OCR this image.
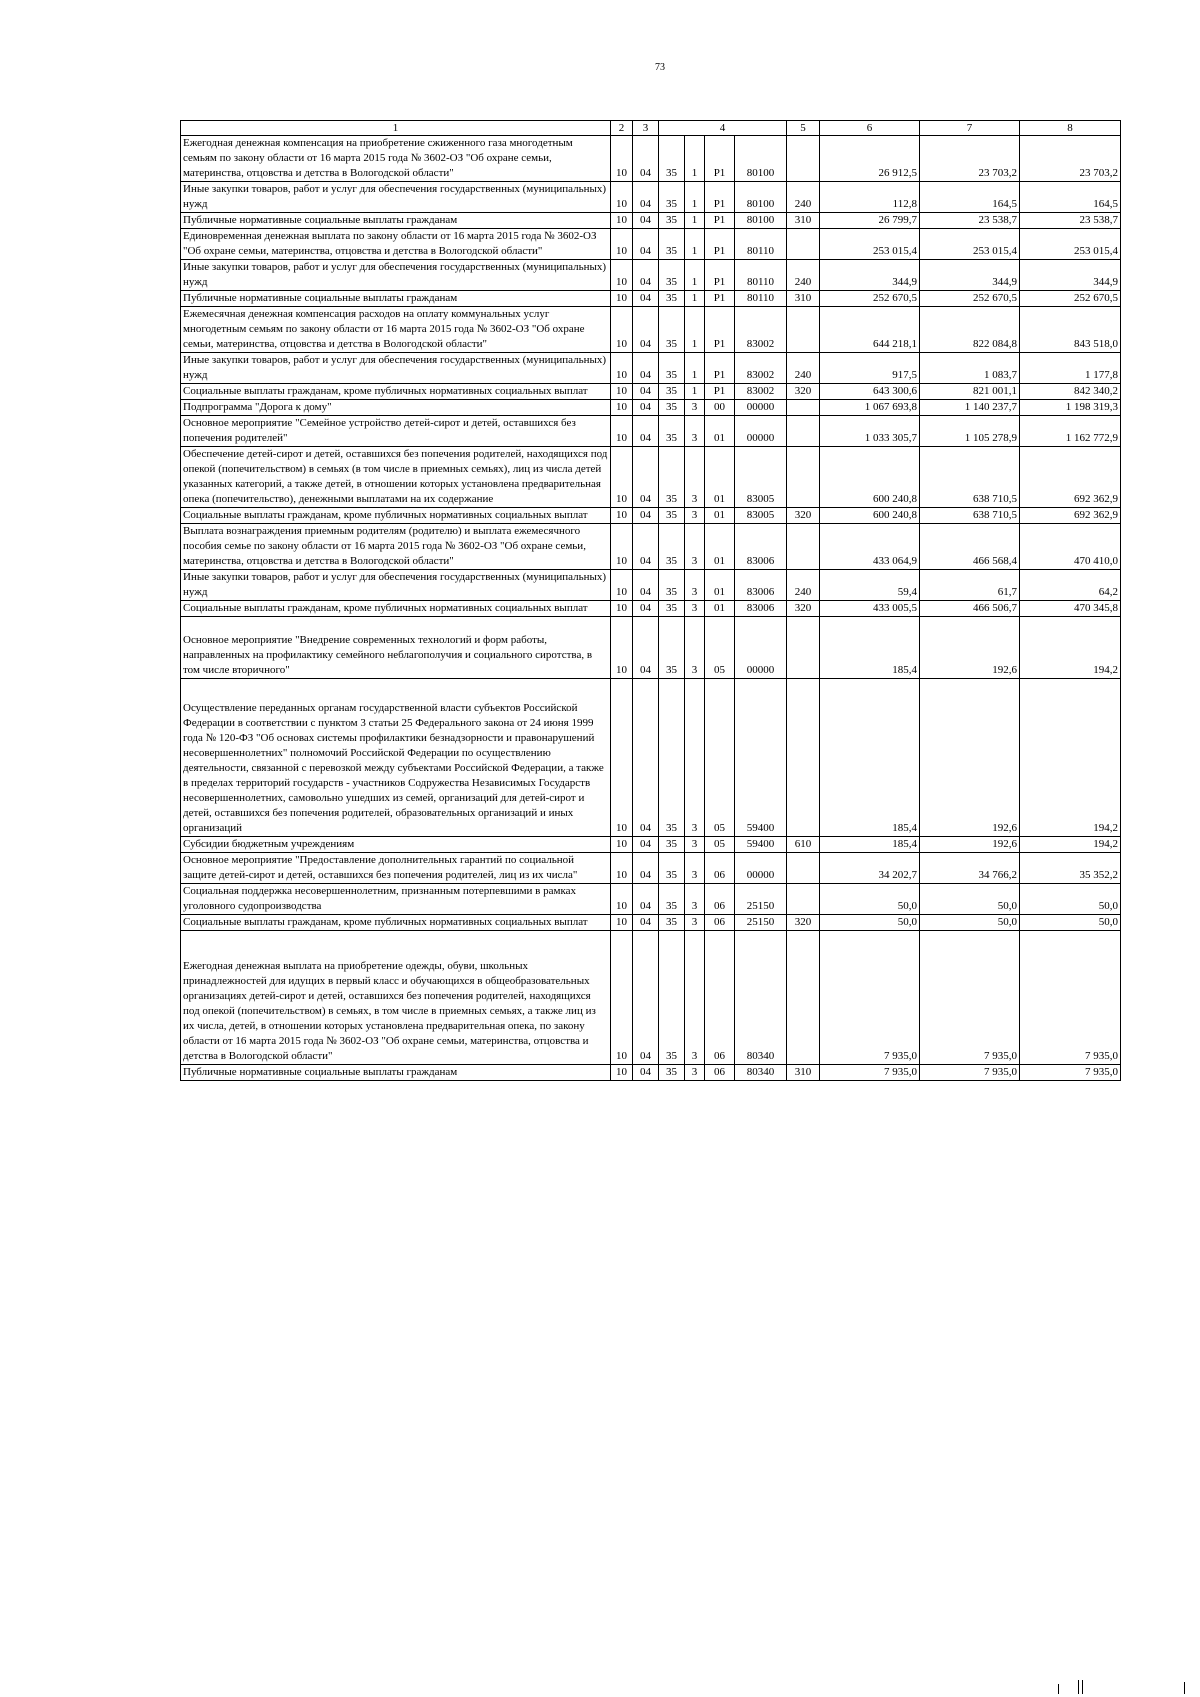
73
1	2	3	4				5	6	7	8
Ежегодная денежная компенсация на приобретение сжиженного газа многодетным семьям по закону области от 16 марта 2015 года № 3602-ОЗ "Об охране семьи, материнства, отцовства и детства в Вологодской области"	10	04	35	1	Р1	80100		26 912,5	23 703,2	23 703,2
Иные закупки товаров, работ и услуг для обеспечения государственных (муниципальных) нужд	10	04	35	1	Р1	80100	240	112,8	164,5	164,5
Публичные нормативные социальные выплаты гражданам	10	04	35	1	Р1	80100	310	26 799,7	23 538,7	23 538,7
Единовременная денежная выплата по закону области от 16 марта 2015 года № 3602-ОЗ "Об охране семьи, материнства, отцовства и детства в Вологодской области"	10	04	35	1	Р1	80110		253 015,4	253 015,4	253 015,4
Иные закупки товаров, работ и услуг для обеспечения государственных (муниципальных) нужд	10	04	35	1	Р1	80110	240	344,9	344,9	344,9
Публичные нормативные социальные выплаты гражданам	10	04	35	1	Р1	80110	310	252 670,5	252 670,5	252 670,5
Ежемесячная денежная компенсация расходов на оплату коммунальных услуг многодетным семьям по закону области от 16 марта 2015 года № 3602-ОЗ "Об охране семьи, материнства, отцовства и детства в Вологодской области"	10	04	35	1	Р1	83002		644 218,1	822 084,8	843 518,0
Иные закупки товаров, работ и услуг для обеспечения государственных (муниципальных) нужд	10	04	35	1	Р1	83002	240	917,5	1 083,7	1 177,8
Социальные выплаты гражданам, кроме публичных нормативных социальных выплат	10	04	35	1	Р1	83002	320	643 300,6	821 001,1	842 340,2
Подпрограмма "Дорога к дому"	10	04	35	3	00	00000		1 067 693,8	1 140 237,7	1 198 319,3
Основное мероприятие "Семейное устройство детей-сирот и детей, оставшихся без попечения родителей"	10	04	35	3	01	00000		1 033 305,7	1 105 278,9	1 162 772,9
Обеспечение детей-сирот и детей, оставшихся без попечения родителей, находящихся под опекой (попечительством) в семьях (в том числе в приемных семьях), лиц из числа детей указанных категорий, а также детей, в отношении которых установлена предварительная опека (попечительство), денежными выплатами на их содержание	10	04	35	3	01	83005		600 240,8	638 710,5	692 362,9
Социальные выплаты гражданам, кроме публичных нормативных социальных выплат	10	04	35	3	01	83005	320	600 240,8	638 710,5	692 362,9
Выплата вознаграждения приемным родителям (родителю) и выплата ежемесячного пособия семье по закону области от 16 марта 2015 года № 3602-ОЗ "Об охране семьи, материнства, отцовства и детства в Вологодской области"	10	04	35	3	01	83006		433 064,9	466 568,4	470 410,0
Иные закупки товаров, работ и услуг для обеспечения государственных (муниципальных) нужд	10	04	35	3	01	83006	240	59,4	61,7	64,2
Социальные выплаты гражданам, кроме публичных нормативных социальных выплат	10	04	35	3	01	83006	320	433 005,5	466 506,7	470 345,8
Основное мероприятие "Внедрение современных технологий и форм работы, направленных на профилактику семейного неблагополучия и социального сиротства, в том числе вторичного"	10	04	35	3	05	00000		185,4	192,6	194,2
Осуществление переданных органам государственной власти субъектов Российской Федерации в соответствии с пунктом 3 статьи 25 Федерального закона от 24 июня 1999 года № 120-ФЗ "Об основах системы профилактики безнадзорности и правонарушений несовершеннолетних" полномочий Российской Федерации по осуществлению деятельности, связанной с перевозкой между субъектами Российской Федерации, а также в пределах территорий государств - участников Содружества Независимых Государств несовершеннолетних, самовольно ушедших из семей, организаций для детей-сирот и детей, оставшихся без попечения родителей, образовательных организаций и иных организаций	10	04	35	3	05	59400		185,4	192,6	194,2
Субсидии бюджетным учреждениям	10	04	35	3	05	59400	610	185,4	192,6	194,2
Основное мероприятие "Предоставление дополнительных гарантий по социальной защите детей-сирот и детей, оставшихся без попечения родителей, лиц из их числа"	10	04	35	3	06	00000		34 202,7	34 766,2	35 352,2
Социальная поддержка несовершеннолетним, признанным потерпевшими в рамках уголовного судопроизводства	10	04	35	3	06	25150		50,0	50,0	50,0
Социальные выплаты гражданам, кроме публичных нормативных социальных выплат	10	04	35	3	06	25150	320	50,0	50,0	50,0
Ежегодная денежная выплата на приобретение одежды, обуви, школьных принадлежностей для идущих в первый класс и обучающихся в общеобразовательных организациях детей-сирот и детей, оставшихся без попечения родителей, находящихся под опекой (попечительством) в семьях, в том числе в приемных семьях, а также лиц из их числа, детей, в отношении которых установлена предварительная опека, по закону области от 16 марта 2015 года № 3602-ОЗ "Об охране семьи, материнства, отцовства и детства в Вологодской области"	10	04	35	3	06	80340		7 935,0	7 935,0	7 935,0
Публичные нормативные социальные выплаты гражданам	10	04	35	3	06	80340	310	7 935,0	7 935,0	7 935,0
